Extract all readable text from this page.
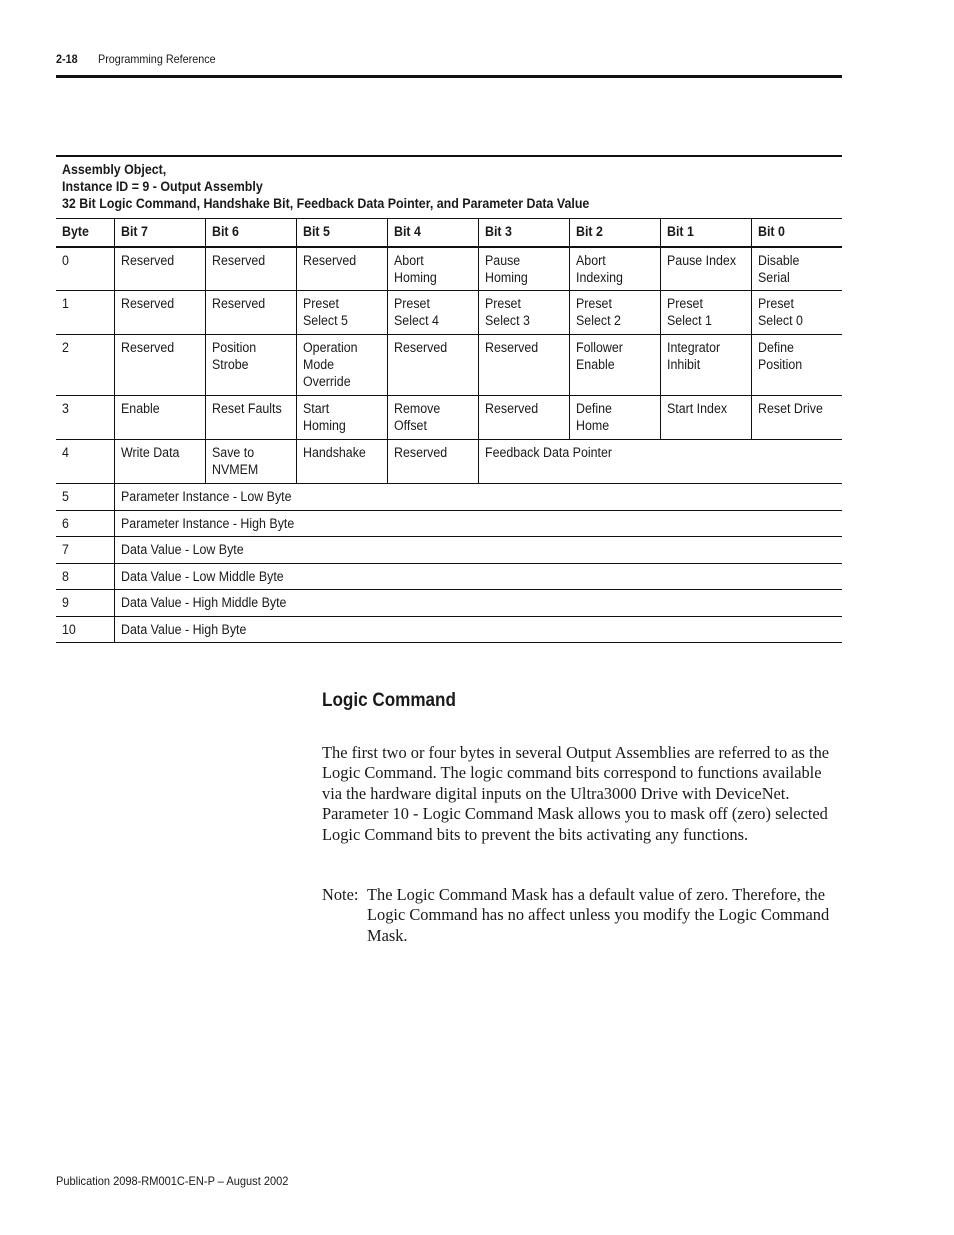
2-18 Programming Reference
Assembly Object,
Instance ID = 9 - Output Assembly
32 Bit Logic Command, Handshake Bit, Feedback Data Pointer, and Parameter Data Value
Byte	Bit 7	Bit 6	Bit 5	Bit 4	Bit 3	Bit 2	Bit 1	Bit 0
0	Reserved	Reserved	Reserved	Abort Homing	Pause Homing	Abort Indexing	Pause Index	Disable Serial
1	Reserved	Reserved	Preset Select 5	Preset Select 4	Preset Select 3	Preset Select 2	Preset Select 1	Preset Select 0
2	Reserved	Position Strobe	Operation Mode Override	Reserved	Reserved	Follower Enable	Integrator Inhibit	Define Position
3	Enable	Reset Faults	Start Homing	Remove Offset	Reserved	Define Home	Start Index	Reset Drive
4	Write Data	Save to NVMEM	Handshake	Reserved	Feedback Data Pointer			
5	Parameter Instance - Low Byte							
6	Parameter Instance - High Byte							
7	Data Value - Low Byte							
8	Data Value - Low Middle Byte							
9	Data Value - High Middle Byte							
10	Data Value - High Byte							
Logic Command

The first two or four bytes in several Output Assemblies are referred to as the Logic Command. The logic command bits correspond to functions available via the hardware digital inputs on the Ultra3000 Drive with DeviceNet. Parameter 10 - Logic Command Mask allows you to mask off (zero) selected Logic Command bits to prevent the bits activating any functions.

Note: The Logic Command Mask has a default value of zero. Therefore, the Logic Command has no affect unless you modify the Logic Command Mask.
Publication 2098-RM001C-EN-P – August 2002
